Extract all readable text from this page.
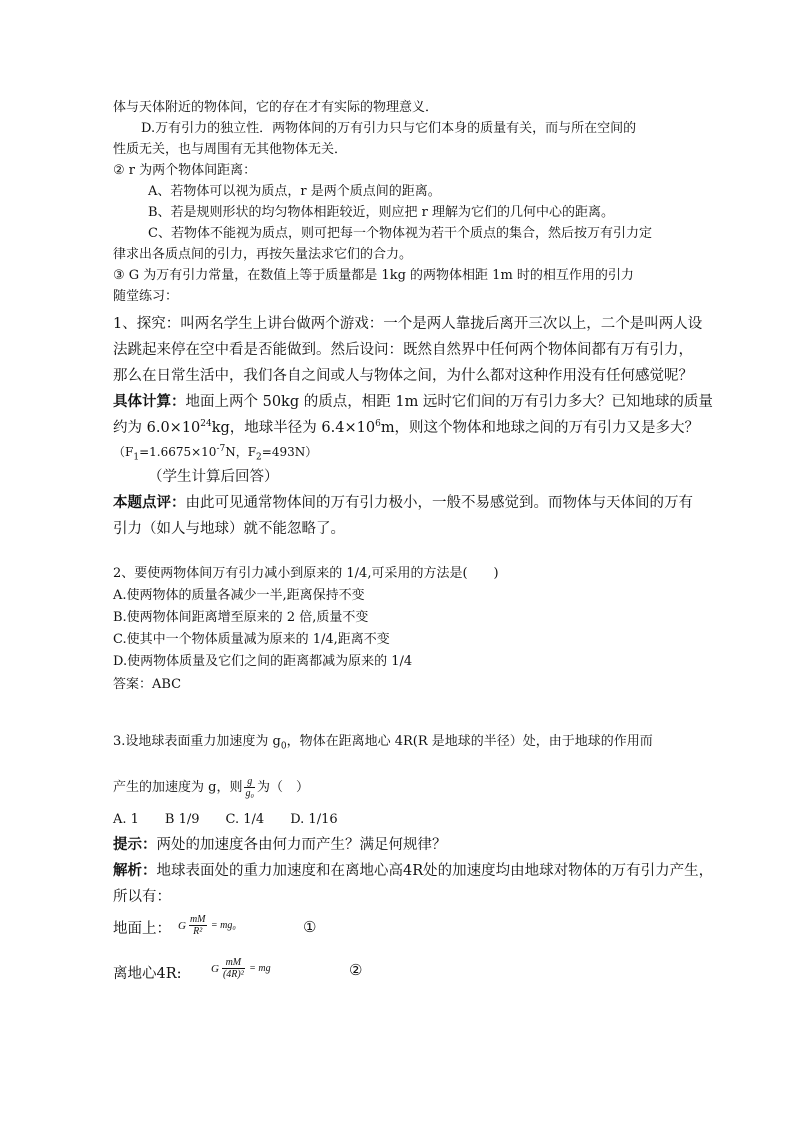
体与天体附近的物体间，它的存在才有实际的物理意义．
D.万有引力的独立性．两物体间的万有引力只与它们本身的质量有关，而与所在空间的
性质无关，也与周围有无其他物体无关．
② r 为两个物体间距离：
A、若物体可以视为质点，r 是两个质点间的距离。
B、若是规则形状的均匀物体相距较近，则应把 r 理解为它们的几何中心的距离。
C、若物体不能视为质点，则可把每一个物体视为若干个质点的集合，然后按万有引力定
律求出各质点间的引力，再按矢量法求它们的合力。
③ G 为万有引力常量，在数值上等于质量都是 1kg 的两物体相距 1m 时的相互作用的引力
随堂练习：
1、探究：叫两名学生上讲台做两个游戏：一个是两人靠拢后离开三次以上，二个是叫两人设
法跳起来停在空中看是否能做到。然后设问：既然自然界中任何两个物体间都有万有引力，
那么在日常生活中，我们各自之间或人与物体之间，为什么都对这种作用没有任何感觉呢？
具体计算：地面上两个 50kg 的质点，相距 1m 远时它们间的万有引力多大？已知地球的质量
约为 $6.0\times 10^{24}kg$，地球半径为 $6.4\times 10^6m$，则这个物体和地球之间的万有引力又是多大？
（$F_1=1.6675\times 10^{-7}N$，$F_2=493N$）
（学生计算后回答）
本题点评：由此可见通常物体间的万有引力极小，一般不易感觉到。而物体与天体间的万有
引力（如人与地球）就不能忽略了。
2、要使两物体间万有引力减小到原来的 1/4,可采用的方法是(　　)
A.使两物体的质量各减少一半,距离保持不变
B.使两物体间距离增至原来的 2 倍,质量不变
C.使其中一个物体质量减为原来的 1/4,距离不变
D.使两物体质量及它们之间的距离都减为原来的 1/4
答案：ABC
3.设地球表面重力加速度为 $g_0$，物体在距离地心 4R(R 是地球的半径）处，由于地球的作用而
产生的加速度为 g，则 $\frac{g}{\text{g₀}}$ 为（　）
A. 1　　B 1/9　　C. 1/4　　D. 1/16
提示：两处的加速度各由何力而产生？满足何规律？
解析：地球表面处的重力加速度和在离地心高4R处的加速度均由地球对物体的万有引力产生，
所以有：
地面上： G $\frac{mM}{\text{R²}} = mg_0$	①
离地心4R:	G $\frac{mM}{\text{(4R)²}}$ = mg	②
